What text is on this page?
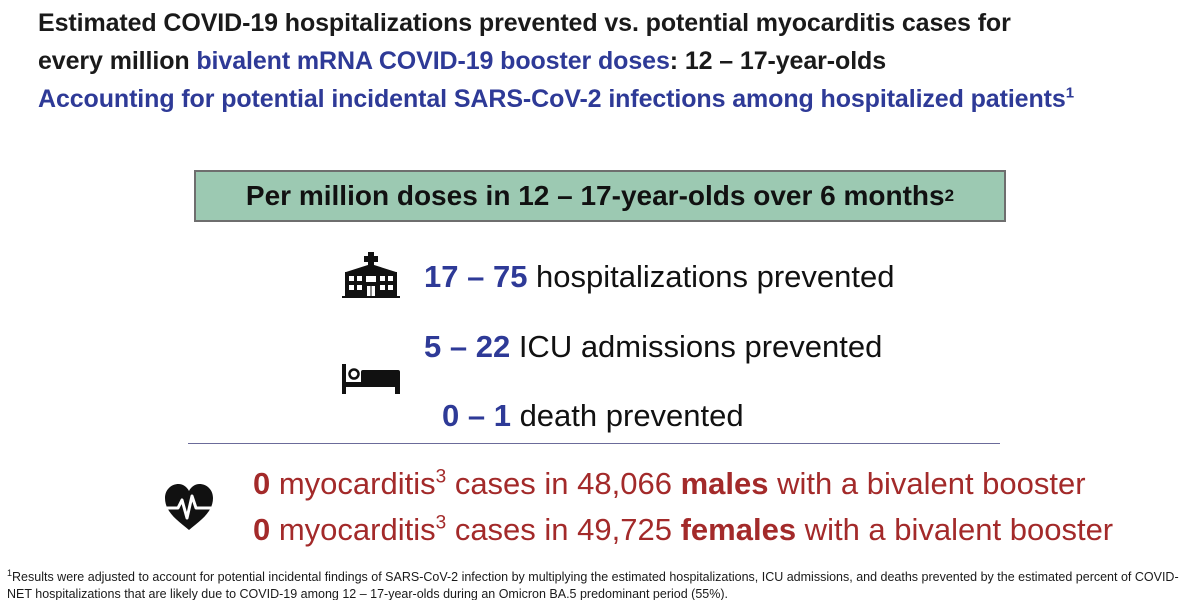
Estimated COVID-19 hospitalizations prevented vs. potential myocarditis cases for
every million bivalent mRNA COVID-19 booster doses: 12 – 17-year-olds
Accounting for potential incidental SARS-CoV-2 infections among hospitalized patients$^1$
Per million doses in 12 – 17-year-olds over 6 months 2
17 – 75 hospitalizations prevented
5 – 22 ICU admissions prevented
0 – 1 death prevented
0 myocarditis$^3$ cases in 48,066 males with a bivalent booster
0 myocarditis$^3$ cases in 49,725 females with a bivalent booster
$^1$Results were adjusted to account for potential incidental findings of SARS-CoV-2 infection by multiplying the estimated hospitalizations, ICU admissions, and deaths prevented by the estimated percent of COVID-NET hospitalizations that are likely due to COVID-19 among 12 – 17-year-olds during an Omicron BA.5 predominant period (55%).
